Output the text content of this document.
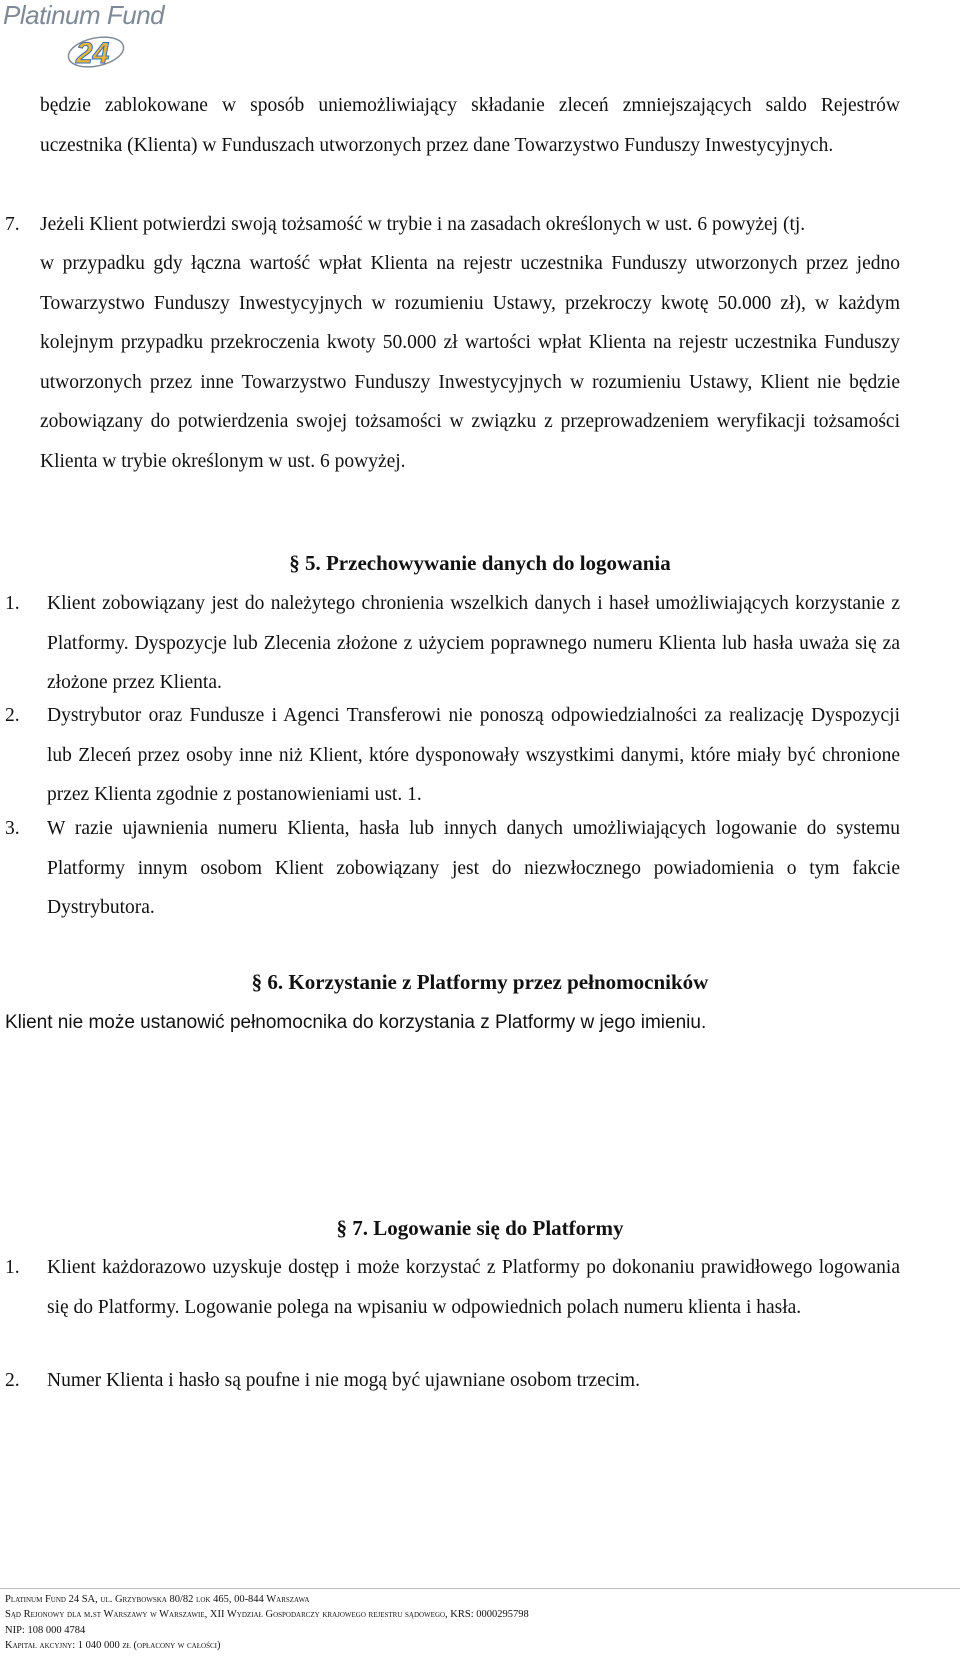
Platinum Fund
24
będzie zablokowane w sposób uniemożliwiający składanie zleceń zmniejszających saldo Rejestrów uczestnika (Klienta) w Funduszach utworzonych przez dane Towarzystwo Funduszy Inwestycyjnych.
7. Jeżeli Klient potwierdzi swoją tożsamość w trybie i na zasadach określonych w ust. 6 powyżej (tj.
w przypadku gdy łączna wartość wpłat Klienta na rejestr uczestnika Funduszy utworzonych przez jedno Towarzystwo Funduszy Inwestycyjnych w rozumieniu Ustawy, przekroczy kwotę 50.000 zł), w każdym kolejnym przypadku przekroczenia kwoty 50.000 zł wartości wpłat Klienta na rejestr uczestnika Funduszy utworzonych przez inne Towarzystwo Funduszy Inwestycyjnych w rozumieniu Ustawy, Klient nie będzie zobowiązany do potwierdzenia swojej tożsamości w związku z przeprowadzeniem weryfikacji tożsamości Klienta w trybie określonym w ust. 6 powyżej.
§ 5. Przechowywanie danych do logowania
1. Klient zobowiązany jest do należytego chronienia wszelkich danych i haseł umożliwiających korzystanie z Platformy. Dyspozycje lub Zlecenia złożone z użyciem poprawnego numeru Klienta lub hasła uważa się za złożone przez Klienta.
2. Dystrybutor oraz Fundusze i Agenci Transferowi nie ponoszą odpowiedzialności za realizację Dyspozycji lub Zleceń przez osoby inne niż Klient, które dysponowały wszystkimi danymi, które miały być chronione przez Klienta zgodnie z postanowieniami ust. 1.
3. W razie ujawnienia numeru Klienta, hasła lub innych danych umożliwiających logowanie do systemu Platformy innym osobom Klient zobowiązany jest do niezwłocznego powiadomienia o tym fakcie Dystrybutora.
§ 6. Korzystanie z Platformy przez pełnomocników
Klient nie może ustanowić pełnomocnika do korzystania z Platformy w jego imieniu.
§ 7. Logowanie się do Platformy
1. Klient każdorazowo uzyskuje dostęp i może korzystać z Platformy po dokonaniu prawidłowego logowania się do Platformy. Logowanie polega na wpisaniu w odpowiednich polach numeru klienta i hasła.
2. Numer Klienta i hasło są poufne i nie mogą być ujawniane osobom trzecim.
Platinum Fund 24 SA, ul. Grzybowska 80/82 lok 465, 00-844 Warszawa
Sąd Rejonowy dla m.st Warszawy w Warszawie, XII Wydział Gospodarczy krajowego rejestru sądowego, KRS: 0000295798
NIP: 108 000 4784
Kapitał akcyjny: 1 040 000 zł (opłacony w całości)
